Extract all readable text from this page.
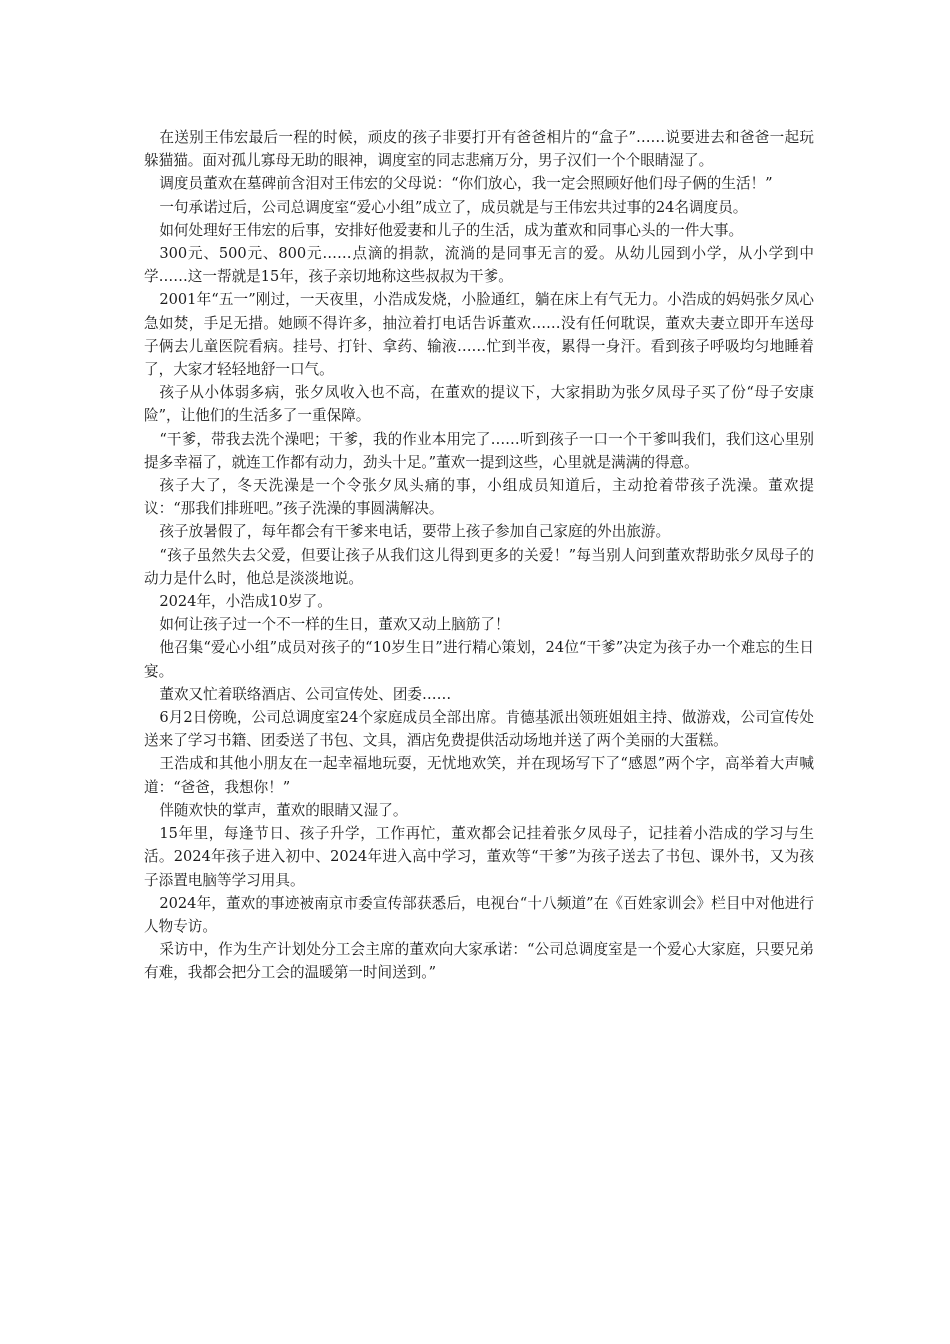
在送别王伟宏最后一程的时候，顽皮的孩子非要打开有爸爸相片的“盒子”……说要进去和爸爸一起玩躲猫猫。面对孤儿寡母无助的眼神，调度室的同志悲痛万分，男子汉们一个个眼睛湿了。

调度员董欢在墓碑前含泪对王伟宏的父母说：“你们放心，我一定会照顾好他们母子俩的生活！”

一句承诺过后，公司总调度室“爱心小组”成立了，成员就是与王伟宏共过事的24名调度员。

如何处理好王伟宏的后事，安排好他爱妻和儿子的生活，成为董欢和同事心头的一件大事。

300元、500元、800元……点滴的捐款，流淌的是同事无言的爱。从幼儿园到小学，从小学到中学……这一帮就是15年，孩子亲切地称这些叔叔为干爹。

2001年“五一”刚过，一天夜里，小浩成发烧，小脸通红，躺在床上有气无力。小浩成的妈妈张夕凤心急如焚，手足无措。她顾不得许多，抽泣着打电话告诉董欢……没有任何耽误，董欢夫妻立即开车送母子俩去儿童医院看病。挂号、打针、拿药、输液……忙到半夜，累得一身汗。看到孩子呼吸均匀地睡着了，大家才轻轻地舒一口气。

孩子从小体弱多病，张夕凤收入也不高，在董欢的提议下，大家捐助为张夕凤母子买了份“母子安康险”，让他们的生活多了一重保障。

“干爹，带我去洗个澡吧；干爹，我的作业本用完了……听到孩子一口一个干爹叫我们，我们这心里别提多幸福了，就连工作都有动力，劲头十足。”董欢一提到这些，心里就是满满的得意。

孩子大了，冬天洗澡是一个令张夕凤头痛的事，小组成员知道后，主动抢着带孩子洗澡。董欢提议：“那我们排班吧。”孩子洗澡的事圆满解决。

孩子放暑假了，每年都会有干爹来电话，要带上孩子参加自己家庭的外出旅游。

“孩子虽然失去父爱，但要让孩子从我们这儿得到更多的关爱！”每当别人问到董欢帮助张夕凤母子的动力是什么时，他总是淡淡地说。

2024年，小浩成10岁了。

如何让孩子过一个不一样的生日，董欢又动上脑筋了！

他召集“爱心小组”成员对孩子的“10岁生日”进行精心策划，24位“干爹”决定为孩子办一个难忘的生日宴。

董欢又忙着联络酒店、公司宣传处、团委……

6月2日傍晚，公司总调度室24个家庭成员全部出席。肯德基派出领班姐姐主持、做游戏，公司宣传处送来了学习书籍、团委送了书包、文具，酒店免费提供活动场地并送了两个美丽的大蛋糕。

王浩成和其他小朋友在一起幸福地玩耍，无忧地欢笑，并在现场写下了“感恩”两个字，高举着大声喊道：“爸爸，我想你！”

伴随欢快的掌声，董欢的眼睛又湿了。

15年里，每逢节日、孩子升学，工作再忙，董欢都会记挂着张夕凤母子，记挂着小浩成的学习与生活。2024年孩子进入初中、2024年进入高中学习，董欢等“干爹”为孩子送去了书包、课外书，又为孩子添置电脑等学习用具。

2024年，董欢的事迹被南京市委宣传部获悉后，电视台“十八频道”在《百姓家训会》栏目中对他进行人物专访。

采访中，作为生产计划处分工会主席的董欢向大家承诺：“公司总调度室是一个爱心大家庭，只要兄弟有难，我都会把分工会的温暖第一时间送到。”
